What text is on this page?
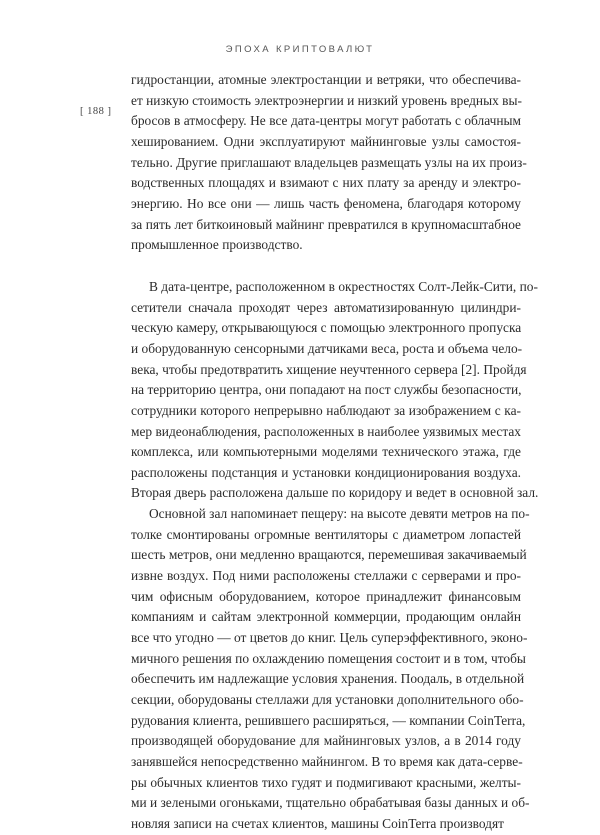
ЭПОХА КРИПТОВАЛЮТ
[ 188 ]
гидростанции, атомные электростанции и ветряки, что обеспечива-
ет низкую стоимость электроэнергии и низкий уровень вредных вы-
бросов в атмосферу. Не все дата-центры могут работать с облачным
хешированием. Одни эксплуатируют майнинговые узлы самостоя-
тельно. Другие приглашают владельцев размещать узлы на их произ-
водственных площадях и взимают с них плату за аренду и электро-
энергию. Но все они — лишь часть феномена, благодаря которому
за пять лет биткоиновый майнинг превратился в крупномасштабное
промышленное производство.
В дата-центре, расположенном в окрестностях Солт-Лейк-Сити, по-
сетители сначала проходят через автоматизированную цилиндри-
ческую камеру, открывающуюся с помощью электронного пропуска
и оборудованную сенсорными датчиками веса, роста и объема чело-
века, чтобы предотвратить хищение неучтенного сервера [2]. Пройдя
на территорию центра, они попадают на пост службы безопасности,
сотрудники которого непрерывно наблюдают за изображением с ка-
мер видеонаблюдения, расположенных в наиболее уязвимых местах
комплекса, или компьютерными моделями технического этажа, где
расположены подстанция и установки кондиционирования воздуха.
Вторая дверь расположена дальше по коридору и ведет в основной зал.
Основной зал напоминает пещеру: на высоте девяти метров на по-
толке смонтированы огромные вентиляторы с диаметром лопастей
шесть метров, они медленно вращаются, перемешивая закачиваемый
извне воздух. Под ними расположены стеллажи с серверами и про-
чим офисным оборудованием, которое принадлежит финансовым
компаниям и сайтам электронной коммерции, продающим онлайн
все что угодно — от цветов до книг. Цель суперэффективного, эконо-
мичного решения по охлаждению помещения состоит и в том, чтобы
обеспечить им надлежащие условия хранения. Поодаль, в отдельной
секции, оборудованы стеллажи для установки дополнительного обо-
рудования клиента, решившего расширяться, — компании CoinTerra,
производящей оборудование для майнинговых узлов, а в 2014 году
занявшейся непосредственно майнингом. В то время как дата-серве-
ры обычных клиентов тихо гудят и подмигивают красными, желты-
ми и зелеными огоньками, тщательно обрабатывая базы данных и об-
новляя записи на счетах клиентов, машины CoinTerra производят
